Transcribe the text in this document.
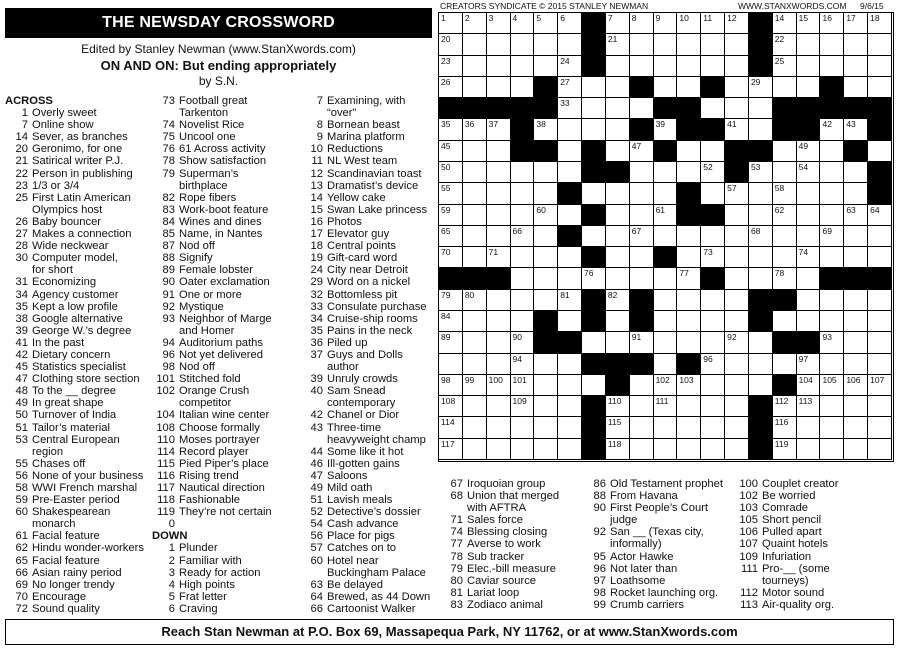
THE NEWSDAY CROSSWORD
Edited by Stanley Newman (www.StanXwords.com)
ON AND ON: But ending appropriately
by S.N.
CREATORS SYNDICATE © 2015 STANLEY NEWMAN	WWW.STANXWORDS.COM 9/6/15
ACROSS
1 Overly sweet
7 Online show
14 Sever, as branches
20 Geronimo, for one
21 Satirical writer P.J.
22 Person in publishing
23 1/3 or 3/4
25 First Latin American
Olympics host
26 Baby bouncer
27 Makes a connection
28 Wide neckwear
30 Computer model,
for short
31 Economizing
34 Agency customer
35 Kept a low profile
38 Google alternative
39 George W.’s degree
41 In the past
42 Dietary concern
45 Statistics specialist
47 Clothing store section
48 To the __ degree
49 In great shape
50 Turnover of India
51 Tailor’s material
53 Central European
region
55 Chases off
56 None of your business
58 WWI French marshal
59 Pre-Easter period
60 Shakespearean
monarch
61 Facial feature
62 Hindu wonder-workers
65 Facial feature
66 Asian rainy period
69 No longer trendy
70 Encourage
72 Sound quality
73 Football great
Tarkenton
74 Novelist Rice
75 Uncool one
76 61 Across activity
78 Show satisfaction
79 Superman’s
birthplace
82 Rope fibers
83 Work-boot feature
84 Wines and dines
85 Name, in Nantes
87 Nod off
88 Signify
89 Female lobster
90 Oater exclamation
91 One or more
92 Mystique
93 Neighbor of Marge
and Homer
94 Auditorium paths
96 Not yet delivered
98 Nod off
101 Stitched fold
102 Orange Crush
competitor
104 Italian wine center
108 Choose formally
110 Moses portrayer
114 Record player
115 Pied Piper’s place
116 Rising trend
117 Nautical direction
118 Fashionable
119 They’re not certain
0

DOWN
1 Plunder
2 Familiar with
3 Ready for action
4 High points
5 Frat letter
6 Craving
7 Examining, with
“over”
8 Bornean beast
9 Marina platform
10 Reductions
11 NL West team
12 Scandinavian toast
13 Dramatist’s device
14 Yellow cake
15 Swan Lake princess
16 Photos
17 Elevator guy
18 Central points
19 Gift-card word
24 City near Detroit
29 Word on a nickel
32 Bottomless pit
33 Consulate purchase
34 Cruise-ship rooms
35 Pains in the neck
36 Piled up
37 Guys and Dolls
author
39 Unruly crowds
40 Sam Snead
contemporary
42 Chanel or Dior
43 Three-time
heavyweight champ
44 Some like it hot
46 Ill-gotten gains
47 Saloons
49 Mild oath
51 Lavish meals
52 Detective’s dossier
54 Cash advance
56 Place for pigs
57 Catches on to
60 Hotel near
Buckingham Palace
63 Be delayed
64 Brewed, as 44 Down
66 Cartoonist Walker
67 Iroquoian group
68 Union that merged
with AFTRA
71 Sales force
74 Blessing closing
77 Averse to work
78 Sub tracker
79 Elec.-bill measure
80 Caviar source
81 Lariat loop
83 Zodiaco animal
86 Old Testament prophet
88 From Havana
90 First People’s Court
judge
92 San __ (Texas city,
informally)
95 Actor Hawke
96 Not later than
97 Loathsome
98 Rocket launching org.
99 Crumb carriers
100 Couplet creator
102 Be worried
103 Comrade
105 Short pencil
106 Pulled apart
107 Quaint hotels
109 Infuriation
111 Pro-__ (some
tourneys)
112 Motor sound
113 Air-quality org.
1 2 3 4 5 6	7 8 9 10 11 12	14 15 16 17 18
20	21	22
23	24	25
26	27	29
33
35 36 37	38	39	41	42 43
45	47	49
50	52	53	54
55	57	58
59	60	61	62	63 64
65	66	67	68	69
70	71	73	74
76	77	78
79 80	81	82
84
89	90	91	92	93
94	96	97
98 99 100 101	102 103	104 105 106 107
108	109	110	111	112 113
114	115	116
117	118	119
Reach Stan Newman at P.O. Box 69, Massapequa Park, NY 11762, or at www.StanXwords.com
